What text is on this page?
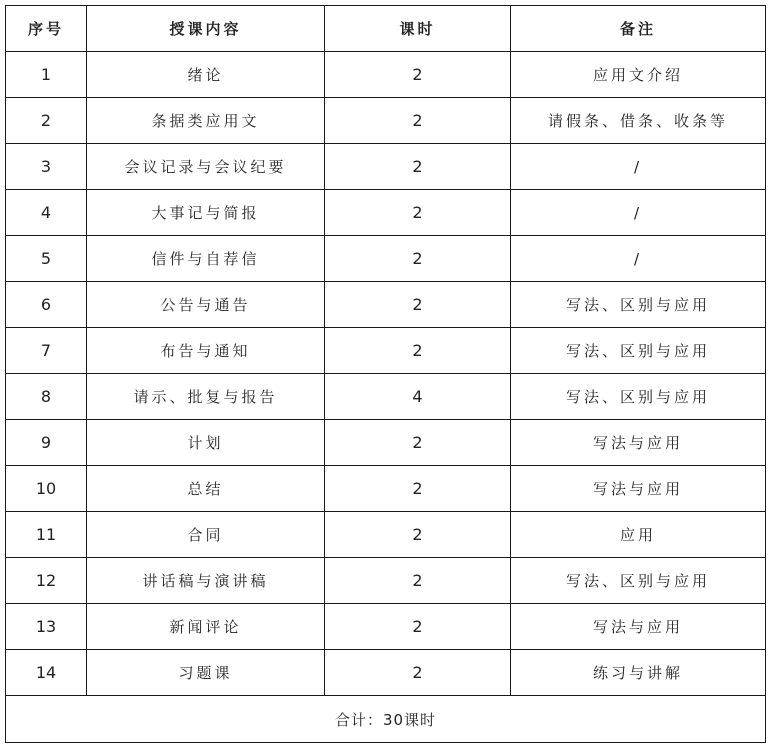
序号	授课内容	课时	备注
1	绪论	2	应用文介绍
2	条据类应用文	2	请假条、借条、收条等
3	会议记录与会议纪要	2	/
4	大事记与简报	2	/
5	信件与自荐信	2	/
6	公告与通告	2	写法、区别与应用
7	布告与通知	2	写法、区别与应用
8	请示、批复与报告	4	写法、区别与应用
9	计划	2	写法与应用
10	总结	2	写法与应用
11	合同	2	应用
12	讲话稿与演讲稿	2	写法、区别与应用
13	新闻评论	2	写法与应用
14	习题课	2	练习与讲解
合计：30课时			
